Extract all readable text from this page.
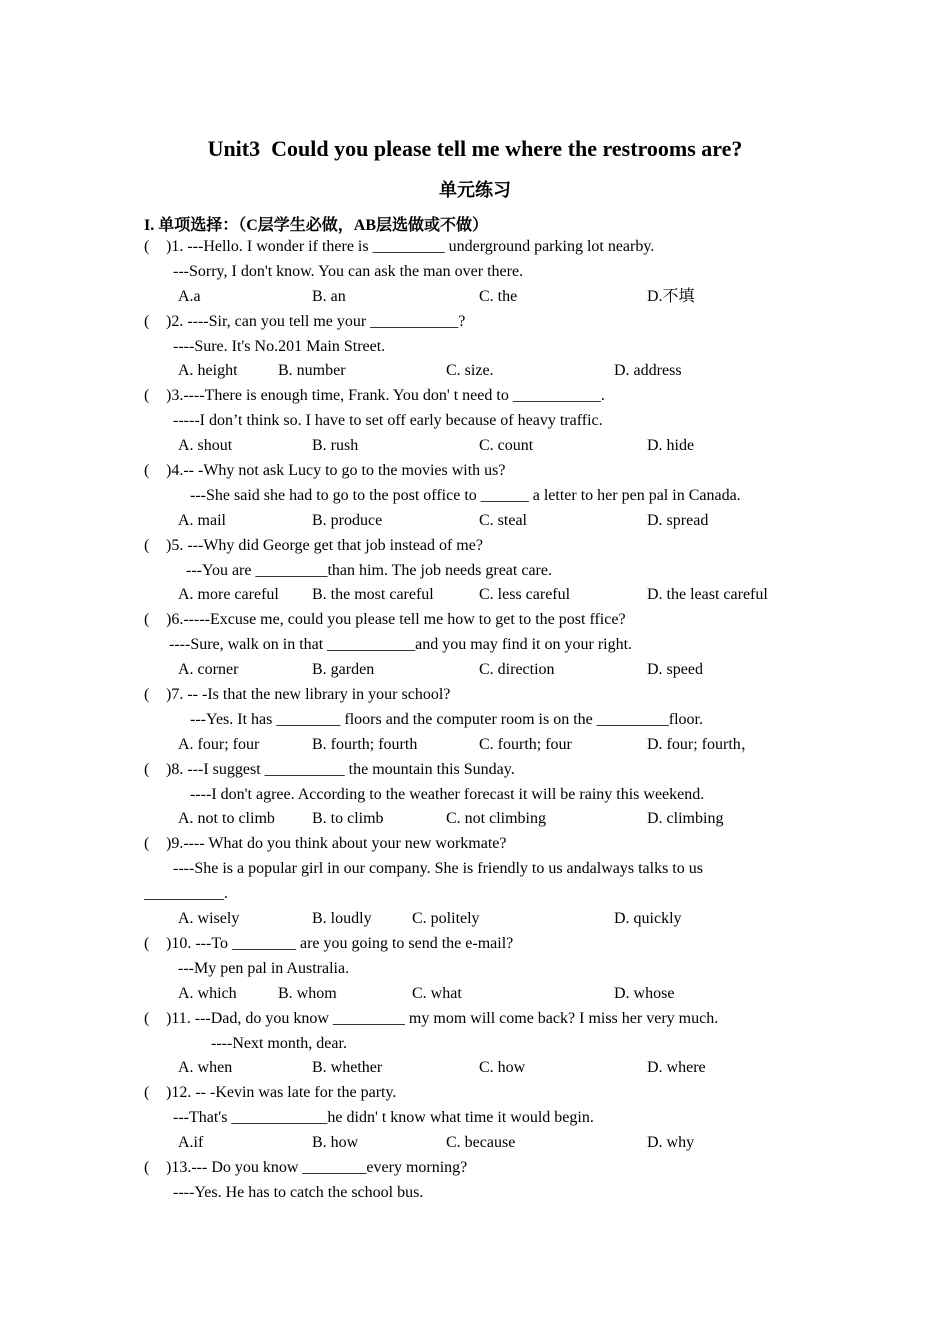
Unit3  Could you please tell me where the restrooms are?
单元练习
I. 单项选择：（C层学生必做，AB层选做或不做）
( )1. ---Hello. I wonder if there is _________ underground parking lot nearby.
---Sorry, I don't know. You can ask the man over there.
A.a	B. an	C. the	D.不填
( )2. ----Sir, can you tell me your ___________?
----Sure. It's No.201 Main Street.
A. height	B. number	C. size.	D. address
( )3.----There is enough time, Frank. You don' t need to ___________.
-----I don’t think so. I have to set off early because of heavy traffic.
A. shout	B. rush	C. count	D. hide
( )4.-- -Why not ask Lucy to go to the movies with us?
---She said she had to go to the post office to ______ a letter to her pen pal in Canada.
A. mail	B. produce	C. steal	D. spread
( )5. ---Why did George get that job instead of me?
---You are _________than him. The job needs great care.
A. more careful B. the most careful	C. less careful	D. the least careful
( )6.-----Excuse me, could you please tell me how to get to the post ffice?
----Sure, walk on in that ___________and you may find it on your right.
A. corner	B. garden	C. direction	D. speed
( )7. -- -Is that the new library in your school?
---Yes. It has ________ floors and the computer room is on the _________floor.
A. four; four	B. fourth; fourth	C. fourth; four	D. four; fourth，
( )8. ---I suggest __________ the mountain this Sunday.
----I don't agree. According to the weather forecast it will be rainy this weekend.
A. not to climb B. to climb	C. not climbing	D. climbing
( )9.---- What do you think about your new workmate?
----She is a popular girl in our company. She is friendly to us andalways talks to us
__________.
A. wisely	B. loudly	C. politely	D. quickly
( )10. ---To ________ are you going to send the e-mail?
---My pen pal in Australia.
A. which	B. whom	C. what	D. whose
( )11. ---Dad, do you know _________ my mom will come back? I miss her very much.
----Next month, dear.
A. when	B. whether	C. how	D. where
( )12. -- -Kevin was late for the party.
---That's ____________he didn' t know what time it would begin.
A.if	B. how	C. because	D. why
( )13.--- Do you know ________every morning?
----Yes. He has to catch the school bus.
